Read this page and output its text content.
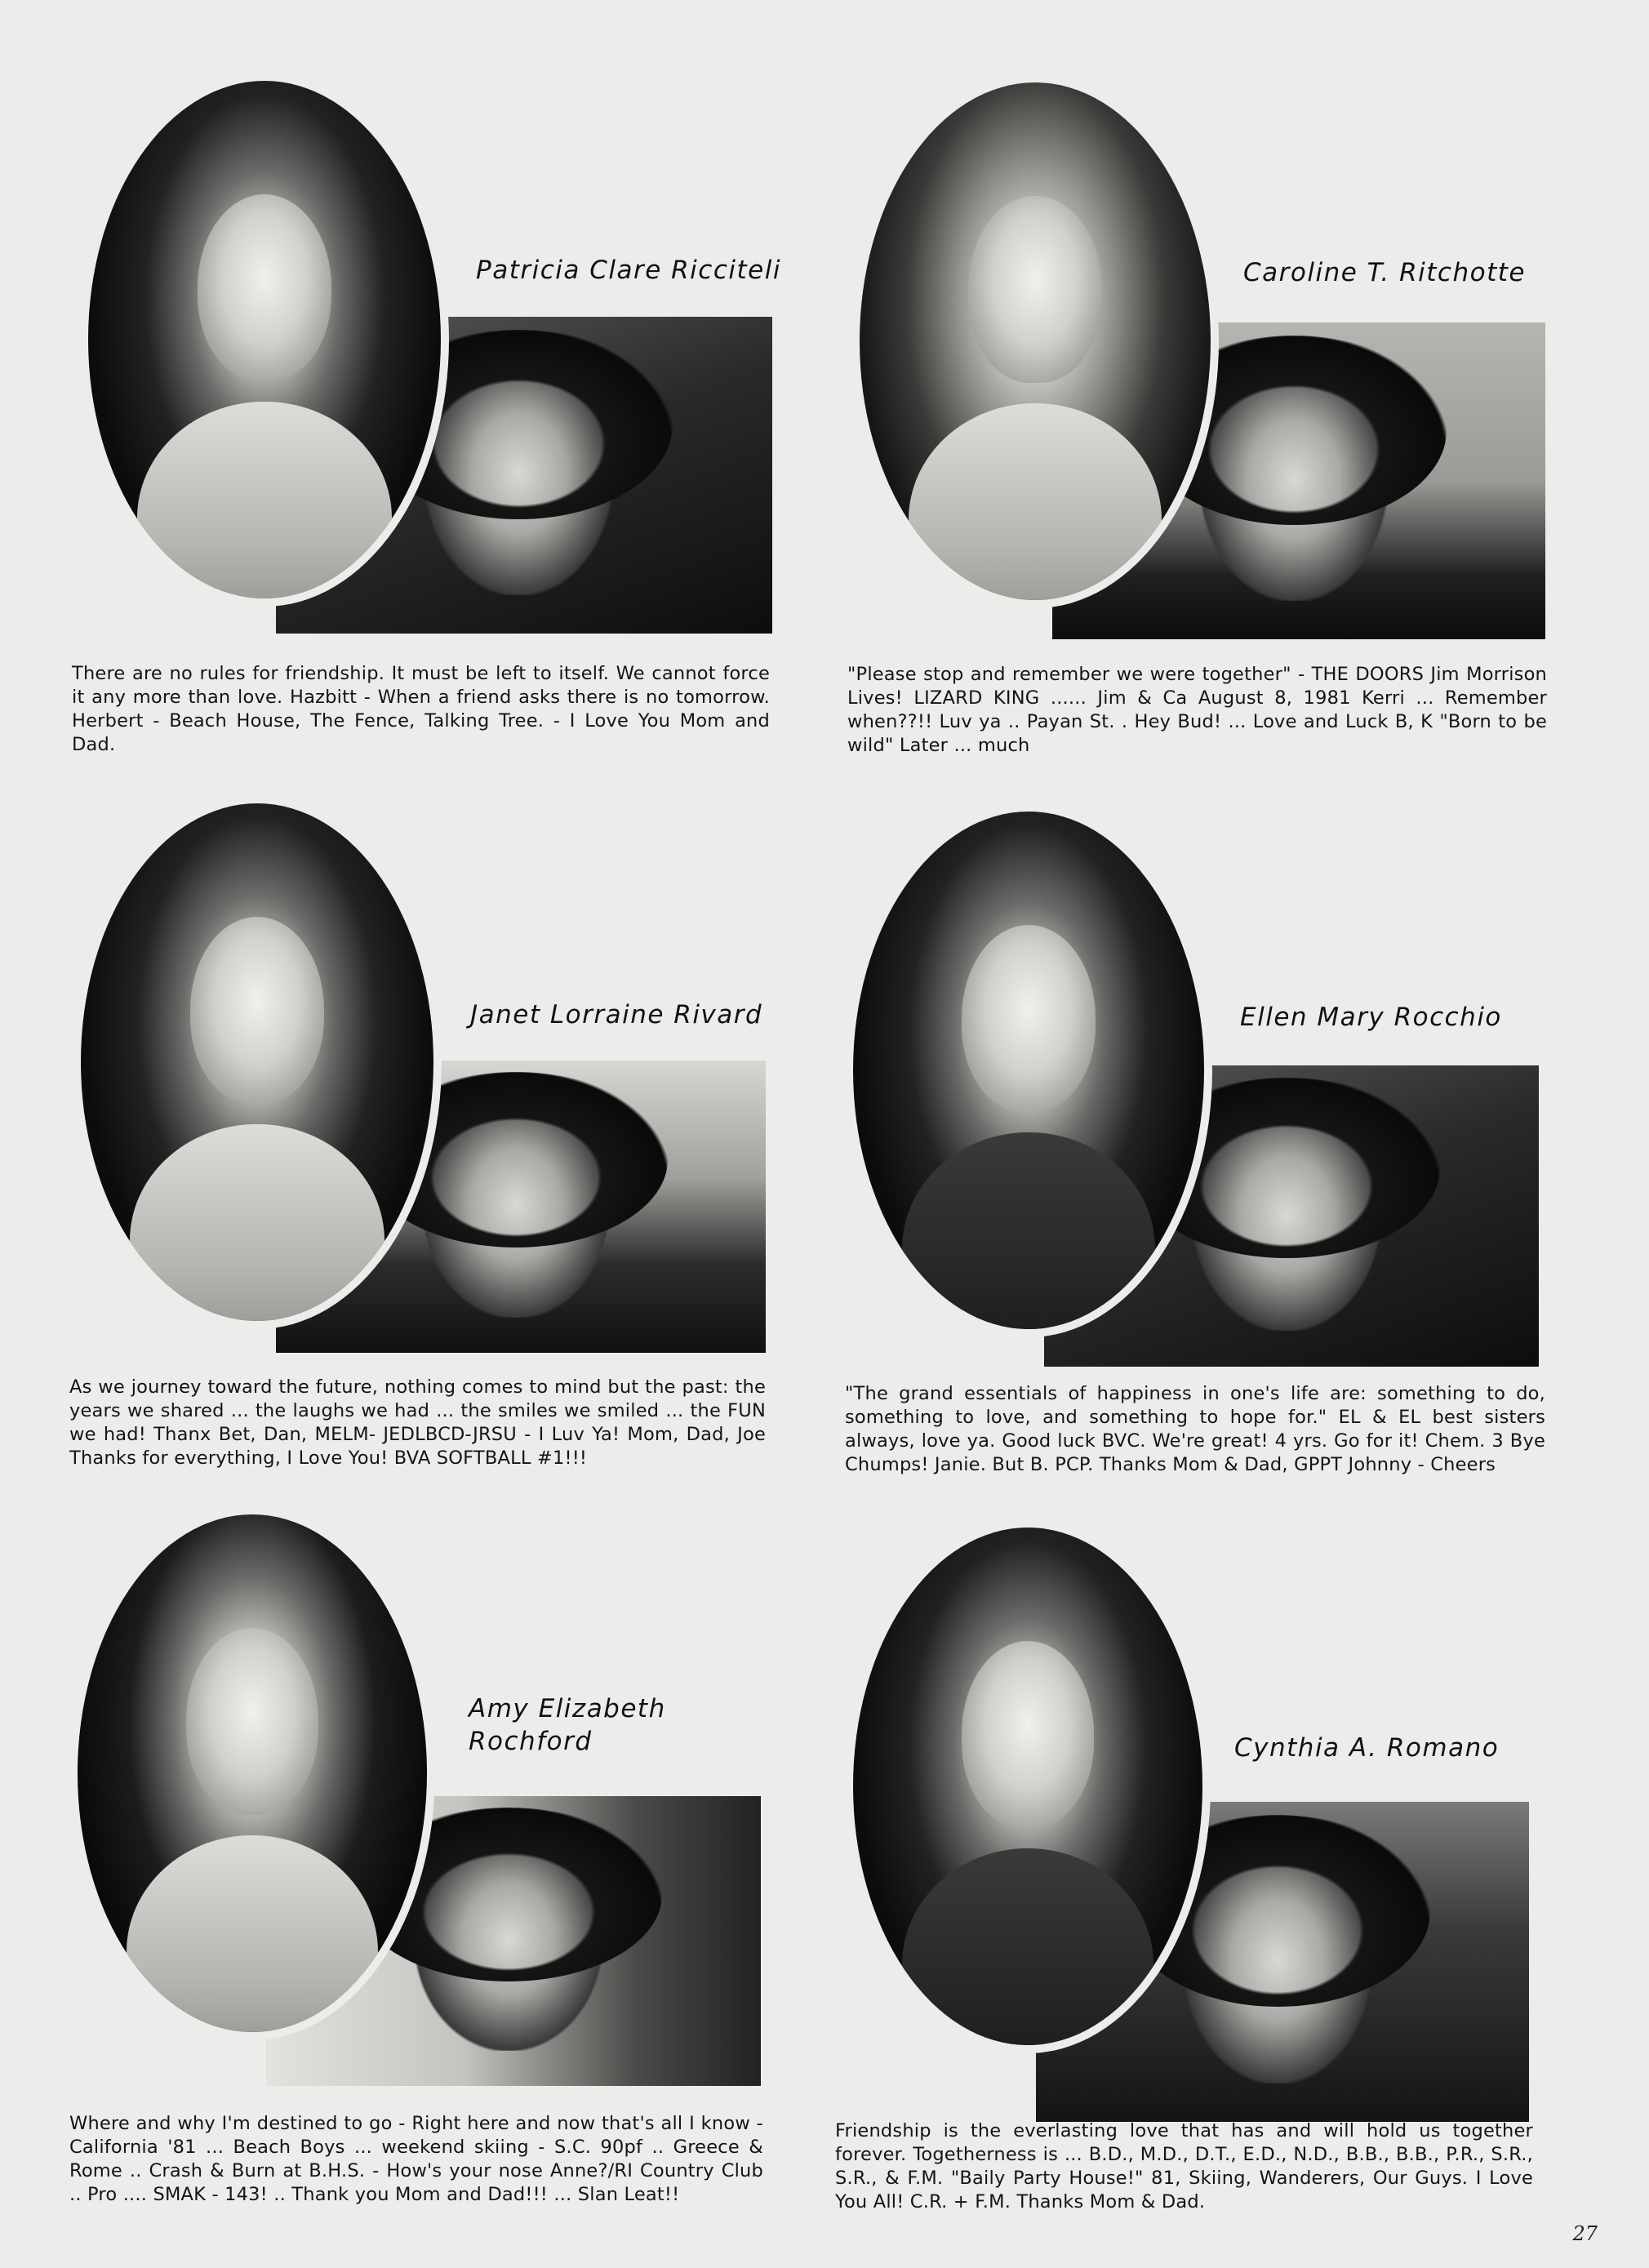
Patricia Clare Ricciteli

There are no rules for friendship. It must be left to itself. We cannot force it any more than love. Hazbitt - When a friend asks there is no tomorrow. Herbert - Beach House, The Fence, Talking Tree. - I Love You Mom and Dad.

Caroline T. Ritchotte

"Please stop and remember we were together" - THE DOORS Jim Morrison Lives! LIZARD KING ...... Jim & Ca August 8, 1981 Kerri ... Remember when??!! Luv ya .. Payan St. . Hey Bud! ... Love and Luck B, K "Born to be wild" Later ... much

Janet Lorraine Rivard

As we journey toward the future, nothing comes to mind but the past: the years we shared ... the laughs we had ... the smiles we smiled ... the FUN we had! Thanx Bet, Dan, MELM- JEDLBCD-JRSU - I Luv Ya! Mom, Dad, Joe Thanks for everything, I Love You! BVA SOFTBALL #1!!!

Ellen Mary Rocchio

"The grand essentials of happiness in one's life are: something to do, something to love, and something to hope for." EL & EL best sisters always, love ya. Good luck BVC. We're great! 4 yrs. Go for it! Chem. 3 Bye Chumps! Janie. But B. PCP. Thanks Mom & Dad, GPPT Johnny - Cheers

Amy Elizabeth Rochford

Where and why I'm destined to go - Right here and now that's all I know - California '81 ... Beach Boys ... weekend skiing - S.C. 90pf .. Greece & Rome .. Crash & Burn at B.H.S. - How's your nose Anne?/RI Country Club .. Pro .... SMAK - 143! .. Thank you Mom and Dad!!! ... Slan Leat!!

Cynthia A. Romano

Friendship is the everlasting love that has and will hold us together forever. Togetherness is ... B.D., M.D., D.T., E.D., N.D., B.B., B.B., P.R., S.R., S.R., & F.M. "Baily Party House!" 81, Skiing, Wanderers, Our Guys. I Love You All! C.R. + F.M. Thanks Mom & Dad.

27
